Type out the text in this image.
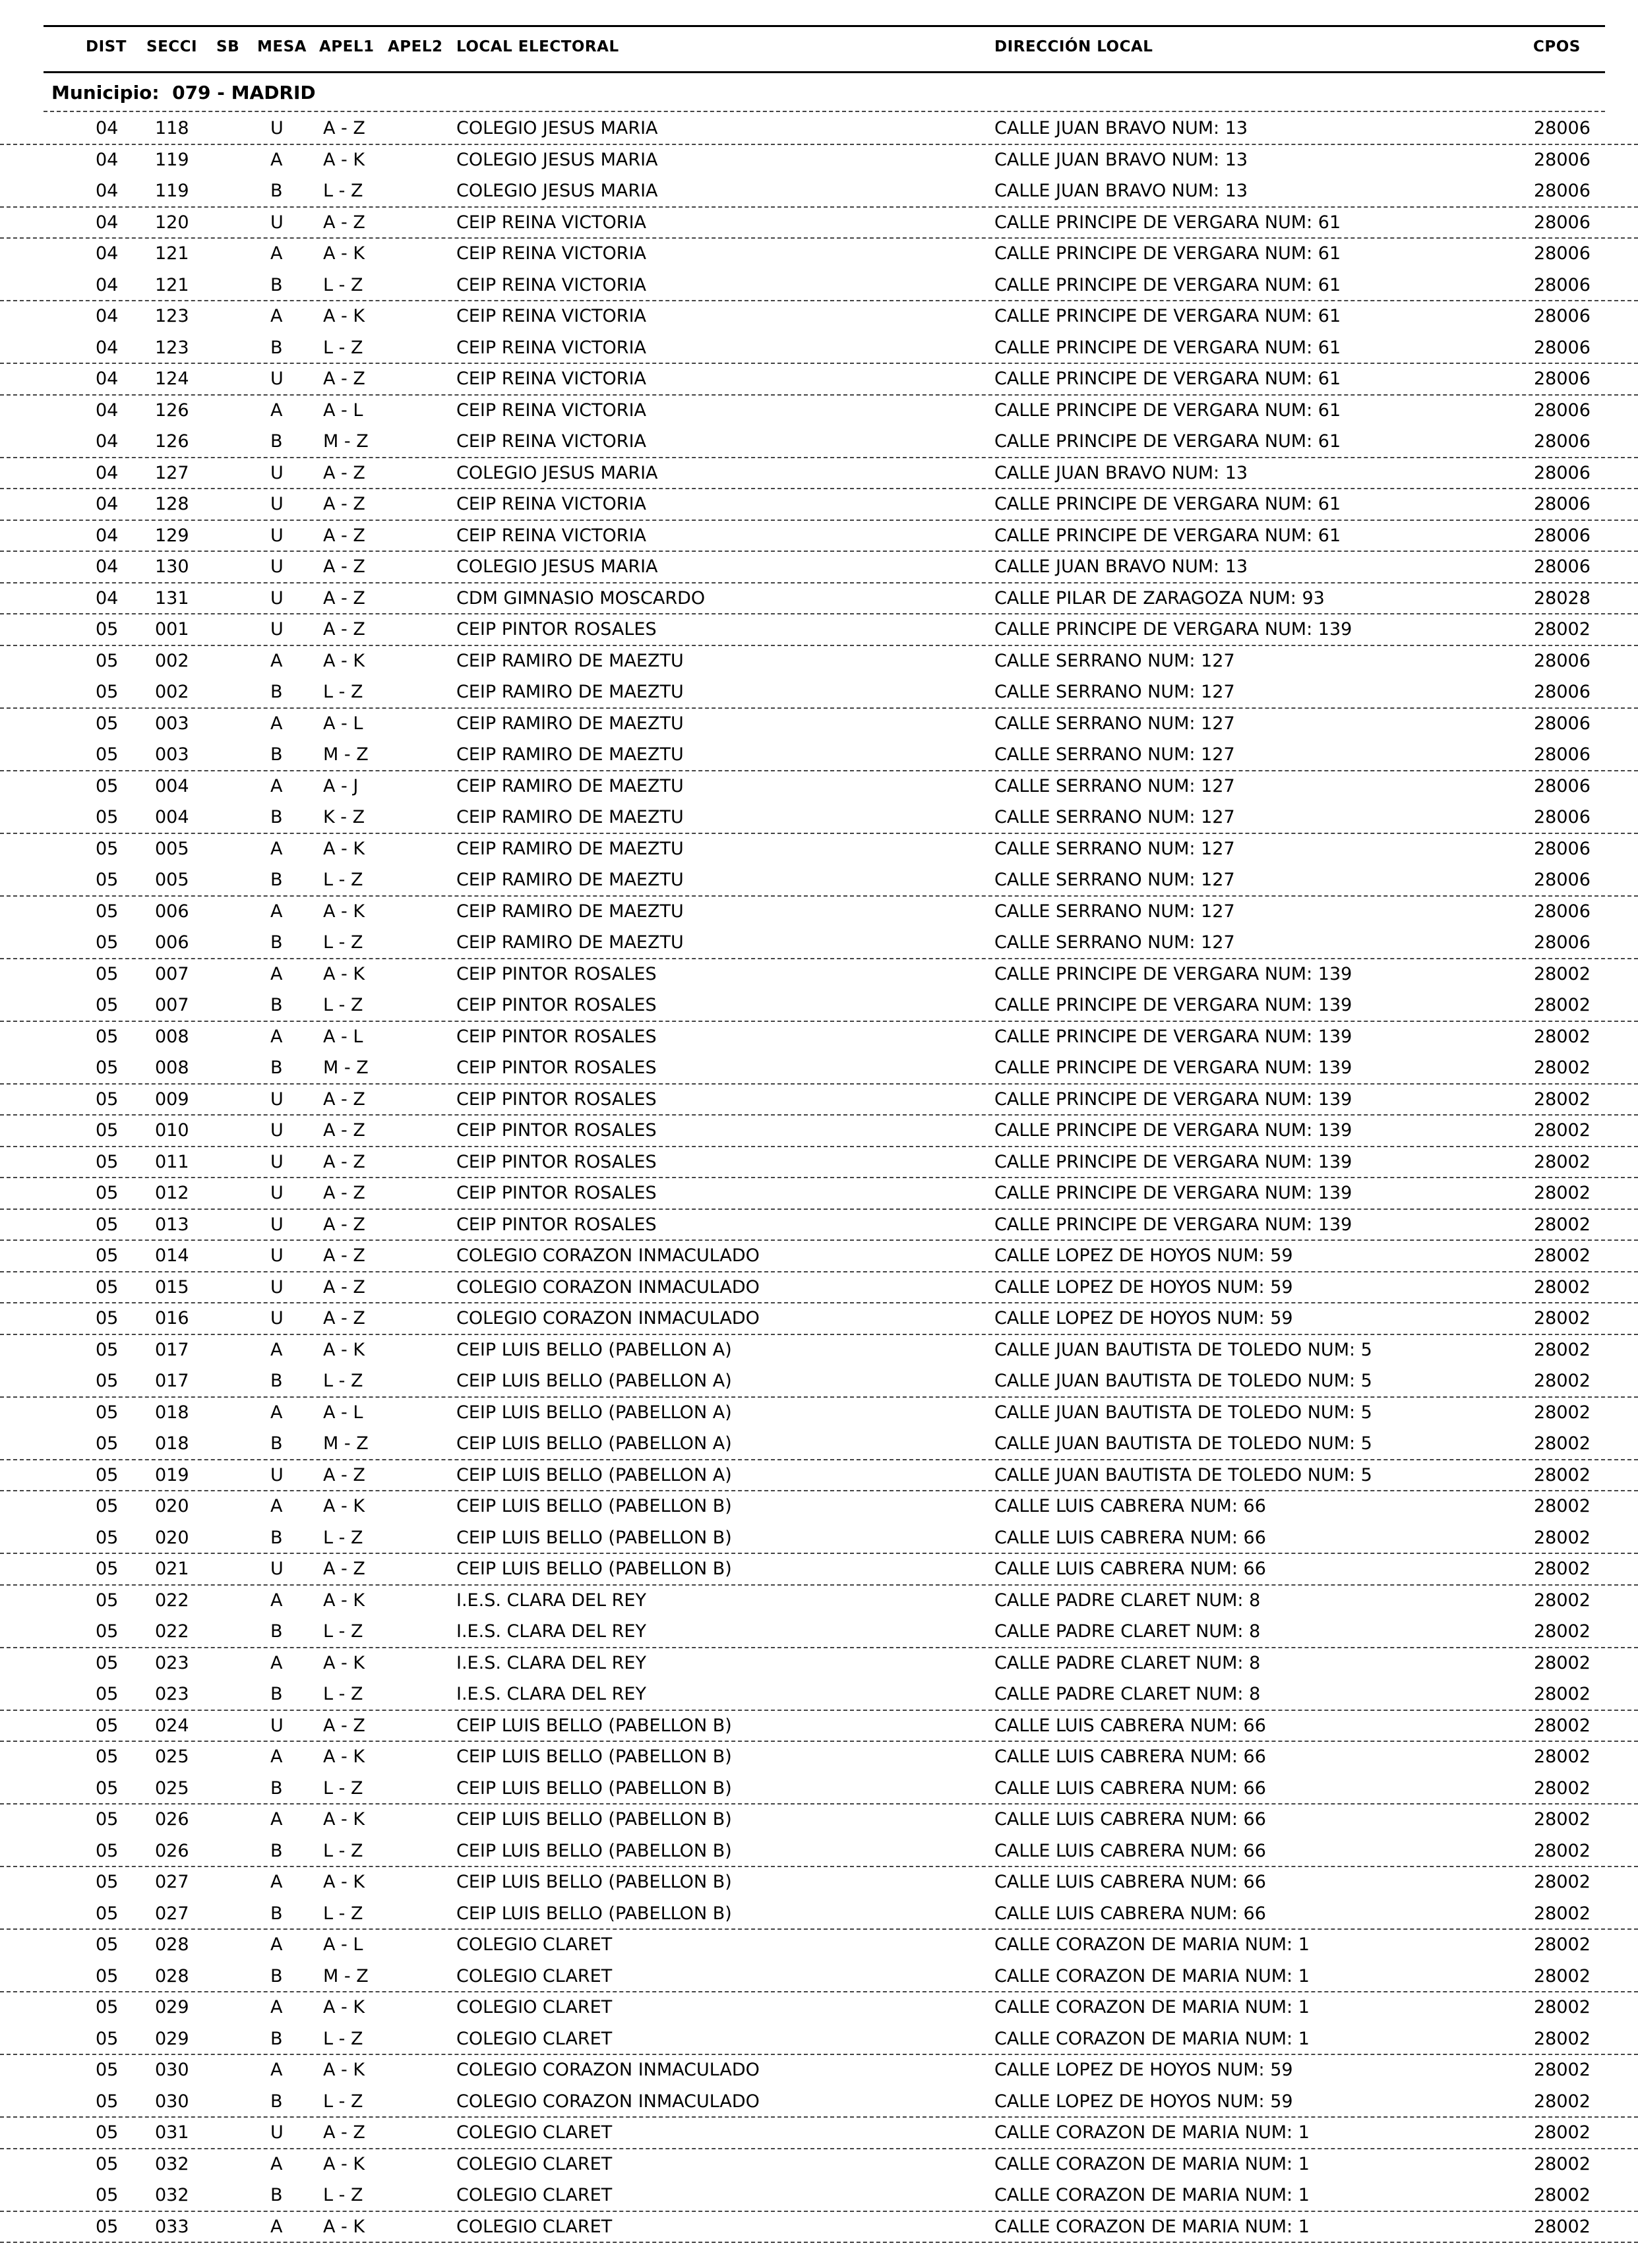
DIST SECCI SB MESA APEL1 APEL2 LOCAL ELECTORAL	DIRECCIÓN LOCAL	CPOS
Municipio:  079 - MADRID
04 118	U A - Z	COLEGIO JESUS MARIA	CALLE JUAN BRAVO NUM: 13	28006
04 119	A A - K	COLEGIO JESUS MARIA	CALLE JUAN BRAVO NUM: 13	28006
04 119	B L - Z	COLEGIO JESUS MARIA	CALLE JUAN BRAVO NUM: 13	28006
04 120	U A - Z	CEIP REINA VICTORIA	CALLE PRINCIPE DE VERGARA NUM: 61	28006
04 121	A A - K	CEIP REINA VICTORIA	CALLE PRINCIPE DE VERGARA NUM: 61	28006
04 121	B L - Z	CEIP REINA VICTORIA	CALLE PRINCIPE DE VERGARA NUM: 61	28006
04 123	A A - K	CEIP REINA VICTORIA	CALLE PRINCIPE DE VERGARA NUM: 61	28006
04 123	B L - Z	CEIP REINA VICTORIA	CALLE PRINCIPE DE VERGARA NUM: 61	28006
04 124	U A - Z	CEIP REINA VICTORIA	CALLE PRINCIPE DE VERGARA NUM: 61	28006
04 126	A A - L	CEIP REINA VICTORIA	CALLE PRINCIPE DE VERGARA NUM: 61	28006
04 126	B M - Z	CEIP REINA VICTORIA	CALLE PRINCIPE DE VERGARA NUM: 61	28006
04 127	U A - Z	COLEGIO JESUS MARIA	CALLE JUAN BRAVO NUM: 13	28006
04 128	U A - Z	CEIP REINA VICTORIA	CALLE PRINCIPE DE VERGARA NUM: 61	28006
04 129	U A - Z	CEIP REINA VICTORIA	CALLE PRINCIPE DE VERGARA NUM: 61	28006
04 130	U A - Z	COLEGIO JESUS MARIA	CALLE JUAN BRAVO NUM: 13	28006
04 131	U A - Z	CDM GIMNASIO MOSCARDO	CALLE PILAR DE ZARAGOZA NUM: 93	28028
05 001	U A - Z	CEIP PINTOR ROSALES	CALLE PRINCIPE DE VERGARA NUM: 139	28002
05 002	A A - K	CEIP RAMIRO DE MAEZTU	CALLE SERRANO NUM: 127	28006
05 002	B L - Z	CEIP RAMIRO DE MAEZTU	CALLE SERRANO NUM: 127	28006
05 003	A A - L	CEIP RAMIRO DE MAEZTU	CALLE SERRANO NUM: 127	28006
05 003	B M - Z	CEIP RAMIRO DE MAEZTU	CALLE SERRANO NUM: 127	28006
05 004	A A - J	CEIP RAMIRO DE MAEZTU	CALLE SERRANO NUM: 127	28006
05 004	B K - Z	CEIP RAMIRO DE MAEZTU	CALLE SERRANO NUM: 127	28006
05 005	A A - K	CEIP RAMIRO DE MAEZTU	CALLE SERRANO NUM: 127	28006
05 005	B L - Z	CEIP RAMIRO DE MAEZTU	CALLE SERRANO NUM: 127	28006
05 006	A A - K	CEIP RAMIRO DE MAEZTU	CALLE SERRANO NUM: 127	28006
05 006	B L - Z	CEIP RAMIRO DE MAEZTU	CALLE SERRANO NUM: 127	28006
05 007	A A - K	CEIP PINTOR ROSALES	CALLE PRINCIPE DE VERGARA NUM: 139	28002
05 007	B L - Z	CEIP PINTOR ROSALES	CALLE PRINCIPE DE VERGARA NUM: 139	28002
05 008	A A - L	CEIP PINTOR ROSALES	CALLE PRINCIPE DE VERGARA NUM: 139	28002
05 008	B M - Z	CEIP PINTOR ROSALES	CALLE PRINCIPE DE VERGARA NUM: 139	28002
05 009	U A - Z	CEIP PINTOR ROSALES	CALLE PRINCIPE DE VERGARA NUM: 139	28002
05 010	U A - Z	CEIP PINTOR ROSALES	CALLE PRINCIPE DE VERGARA NUM: 139	28002
05 011	U A - Z	CEIP PINTOR ROSALES	CALLE PRINCIPE DE VERGARA NUM: 139	28002
05 012	U A - Z	CEIP PINTOR ROSALES	CALLE PRINCIPE DE VERGARA NUM: 139	28002
05 013	U A - Z	CEIP PINTOR ROSALES	CALLE PRINCIPE DE VERGARA NUM: 139	28002
05 014	U A - Z	COLEGIO CORAZON INMACULADO	CALLE LOPEZ DE HOYOS NUM: 59	28002
05 015	U A - Z	COLEGIO CORAZON INMACULADO	CALLE LOPEZ DE HOYOS NUM: 59	28002
05 016	U A - Z	COLEGIO CORAZON INMACULADO	CALLE LOPEZ DE HOYOS NUM: 59	28002
05 017	A A - K	CEIP LUIS BELLO (PABELLON A)	CALLE JUAN BAUTISTA DE TOLEDO NUM: 5	28002
05 017	B L - Z	CEIP LUIS BELLO (PABELLON A)	CALLE JUAN BAUTISTA DE TOLEDO NUM: 5	28002
05 018	A A - L	CEIP LUIS BELLO (PABELLON A)	CALLE JUAN BAUTISTA DE TOLEDO NUM: 5	28002
05 018	B M - Z	CEIP LUIS BELLO (PABELLON A)	CALLE JUAN BAUTISTA DE TOLEDO NUM: 5	28002
05 019	U A - Z	CEIP LUIS BELLO (PABELLON A)	CALLE JUAN BAUTISTA DE TOLEDO NUM: 5	28002
05 020	A A - K	CEIP LUIS BELLO (PABELLON B)	CALLE LUIS CABRERA NUM: 66	28002
05 020	B L - Z	CEIP LUIS BELLO (PABELLON B)	CALLE LUIS CABRERA NUM: 66	28002
05 021	U A - Z	CEIP LUIS BELLO (PABELLON B)	CALLE LUIS CABRERA NUM: 66	28002
05 022	A A - K	I.E.S. CLARA DEL REY	CALLE PADRE CLARET NUM: 8	28002
05 022	B L - Z	I.E.S. CLARA DEL REY	CALLE PADRE CLARET NUM: 8	28002
05 023	A A - K	I.E.S. CLARA DEL REY	CALLE PADRE CLARET NUM: 8	28002
05 023	B L - Z	I.E.S. CLARA DEL REY	CALLE PADRE CLARET NUM: 8	28002
05 024	U A - Z	CEIP LUIS BELLO (PABELLON B)	CALLE LUIS CABRERA NUM: 66	28002
05 025	A A - K	CEIP LUIS BELLO (PABELLON B)	CALLE LUIS CABRERA NUM: 66	28002
05 025	B L - Z	CEIP LUIS BELLO (PABELLON B)	CALLE LUIS CABRERA NUM: 66	28002
05 026	A A - K	CEIP LUIS BELLO (PABELLON B)	CALLE LUIS CABRERA NUM: 66	28002
05 026	B L - Z	CEIP LUIS BELLO (PABELLON B)	CALLE LUIS CABRERA NUM: 66	28002
05 027	A A - K	CEIP LUIS BELLO (PABELLON B)	CALLE LUIS CABRERA NUM: 66	28002
05 027	B L - Z	CEIP LUIS BELLO (PABELLON B)	CALLE LUIS CABRERA NUM: 66	28002
05 028	A A - L	COLEGIO CLARET	CALLE CORAZON DE MARIA NUM: 1	28002
05 028	B M - Z	COLEGIO CLARET	CALLE CORAZON DE MARIA NUM: 1	28002
05 029	A A - K	COLEGIO CLARET	CALLE CORAZON DE MARIA NUM: 1	28002
05 029	B L - Z	COLEGIO CLARET	CALLE CORAZON DE MARIA NUM: 1	28002
05 030	A A - K	COLEGIO CORAZON INMACULADO	CALLE LOPEZ DE HOYOS NUM: 59	28002
05 030	B L - Z	COLEGIO CORAZON INMACULADO	CALLE LOPEZ DE HOYOS NUM: 59	28002
05 031	U A - Z	COLEGIO CLARET	CALLE CORAZON DE MARIA NUM: 1	28002
05 032	A A - K	COLEGIO CLARET	CALLE CORAZON DE MARIA NUM: 1	28002
05 032	B L - Z	COLEGIO CLARET	CALLE CORAZON DE MARIA NUM: 1	28002
05 033	A A - K	COLEGIO CLARET	CALLE CORAZON DE MARIA NUM: 1	28002
